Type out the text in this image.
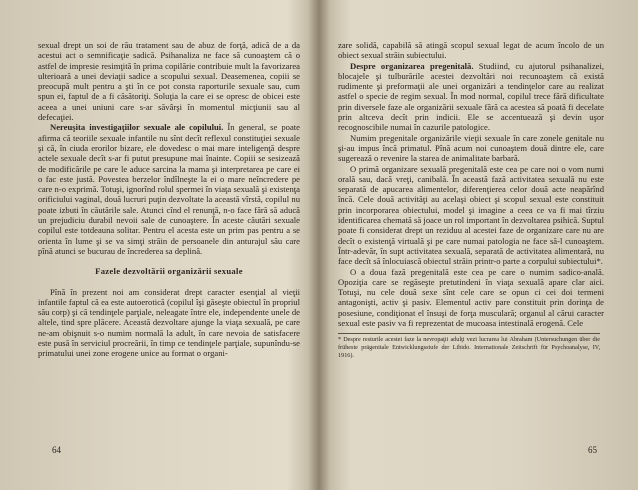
sexual drept un soi de rău tratament sau de abuz de forţă, adică de a da acestui act o semnificaţie sadică. Psihanaliza ne face să cunoaştem că o astfel de impresie resimţită în prima copilărie contribuie mult la favorizarea ulterioară a unei deviaţii sadice a scopului sexual. Deasemenea, copiii se preocupă mult pentru a şti în ce pot consta raporturile sexuale sau, cum spun ei, faptul de a fi căsătoriţi. Soluţia la care ei se opresc de obicei este aceea a unei uniuni care s-ar săvârşi în momentul micţiunii sau al defecaţiei.

Nereuşita investigaţiilor sexuale ale copilului. În general, se poate afirma că teoriile sexuale infantile nu sînt decît reflexul constituţiei sexuale şi că, în ciuda erorilor bizare, ele dovedesc o mai mare inteligenţă despre actele sexuale decît s-ar fi putut presupune mai înainte. Copiii se sesizează de modificările pe care le aduce sarcina la mama şi interpretarea pe care ei o fac este justă. Povestea berzelor îndîlneşte la ei o mare neîncredere pe care n-o exprimă. Totuşi, ignorînd rolul spermei în viaţa sexuală şi existenţa orificiului vaginal, două lucruri puţin dezvoltate la această vîrstă, copilul nu poate izbuti în căutările sale. Atunci cînd el renunţă, n-o face fără să aducă un prejudiciu durabil nevoii sale de cunoaştere. În aceste căutări sexuale copilul este totdeauna solitar. Pentru el acesta este un prim pas pentru a se orienta în lume şi se va simţi străin de persoanele din anturajul său care pînă atunci se bucurau de încrederea sa deplină.

Fazele dezvoltării organizării sexuale

Pînă în prezent noi am considerat drept caracter esenţial al vieţii infantile faptul că ea este autoerotică (copilul îşi găseşte obiectul în propriul său corp) şi că tendinţele parţiale, neleagate între ele, independente unele de altele, tind spre plăcere. Această dezvoltare ajunge la viaţa sexuală, pe care ne-am obişnuit s-o numim normală la adult, în care nevoia de satisfacere este pusă în serviciul procreării, în timp ce tendinţele parţiale, supunîndu-se primatului unei zone erogene unice au format o organi-

64

zare solidă, capabilă să atingă scopul sexual legat de acum încolo de un obiect sexual străin subiectului.

Despre organizarea pregenitală. Studiind, cu ajutorul psihanalizei, blocajele şi tulburările acestei dezvoltări noi recunoaştem că există rudimente şi preformaţii ale unei organizări a tendinţelor care au realizat astfel o specie de regim sexual. În mod normal, copilul trece fără dificultate prin diversele faze ale organizării sexuale fără ca acestea să poată fi decelate prin altceva decît prin indicii. Ele se accentuează şi devin uşor recognoscibile numai în cazurile patologice.

Numim pregenitale organizările vieţii sexuale în care zonele genitale nu şi-au impus încă primatul. Pînă acum noi cunoaştem două dintre ele, care sugerează o revenire la starea de animalitate barbară.

O primă organizare sexuală pregenitală este cea pe care noi o vom numi orală sau, dacă vreţi, canibală. În această fază activitatea sexuală nu este separată de apucarea alimentelor, diferenţierea celor două acte neapărînd încă. Cele două activităţi au acelaşi obiect şi scopul sexual este constituit prin incorporarea obiectului, model şi imagine a ceea ce va fi mai tîrziu identificarea chemată să joace un rol important în dezvoltarea psihică. Suptul poate fi considerat drept un reziduu al acestei faze de organizare care nu are decît o existenţă virtuală şi pe care numai patologia ne face să-l cunoaştem. Într-adevăr, în supt activitatea sexuală, separată de activitatea alimentară, nu face decît să înlocuiască obiectul străin printr-o parte a corpului subiectului*.

O a doua fază pregenitală este cea pe care o numim sadico-anală. Opoziţia care se regăseşte pretutindeni în viaţa sexuală apare clar aici. Totuşi, nu cele două sexe sînt cele care se opun ci cei doi termeni antagonişti, activ şi pasiv. Elementul activ pare constituit prin dorinţa de posesiune, condiţionat el însuşi de forţa musculară; organul al cărui caracter sexual este pasiv va fi reprezentat de mucoasa intestinală erogenă. Cele

* Despre resturile acestei faze la nevropaţii adulţi vezi lucrarea lui Abraham (Untersuchungen über die früheste prägenitale Entwicklungsstufe der Libido. Internationale Zeitschrift für Psychoanalyse, IV, 1916).
65
